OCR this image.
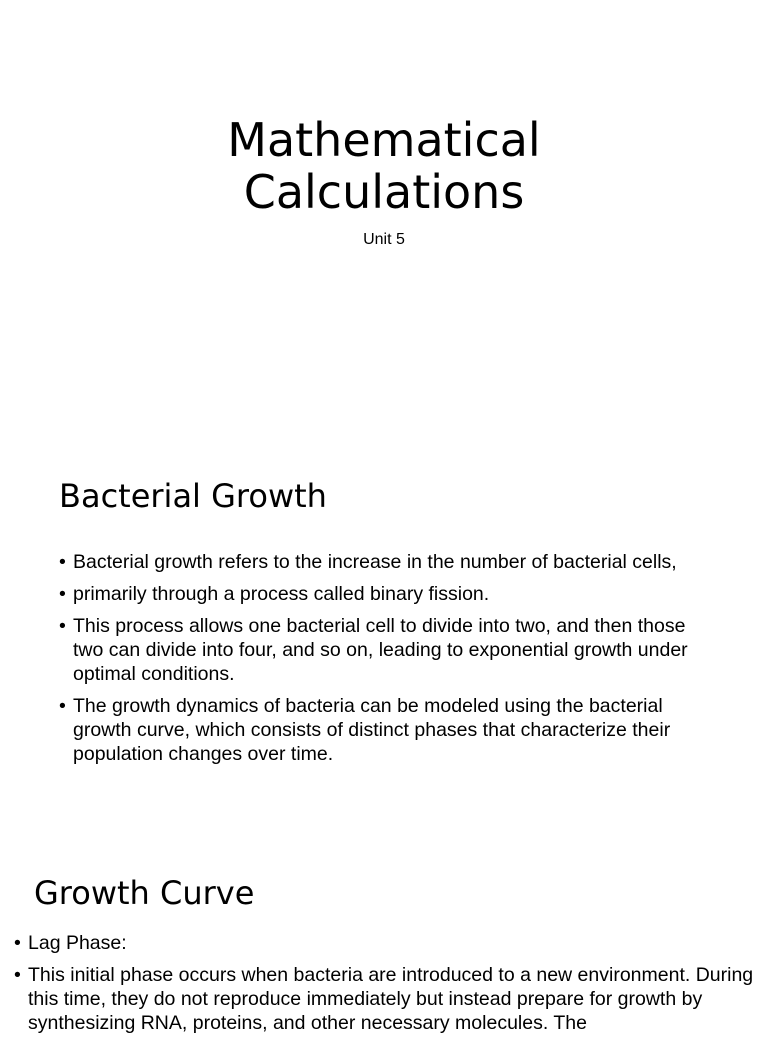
Mathematical
Calculations
Unit 5
Bacterial Growth
• Bacterial growth refers to the increase in the number of bacterial cells,
• primarily through a process called binary fission.
• This process allows one bacterial cell to divide into two, and then those two can divide into four, and so on, leading to exponential growth under optimal conditions.
• The growth dynamics of bacteria can be modeled using the bacterial growth curve, which consists of distinct phases that characterize their population changes over time.
Growth Curve
• Lag Phase:
• This initial phase occurs when bacteria are introduced to a new environment. During this time, they do not reproduce immediately but instead prepare for growth by synthesizing RNA, proteins, and other necessary molecules. The
